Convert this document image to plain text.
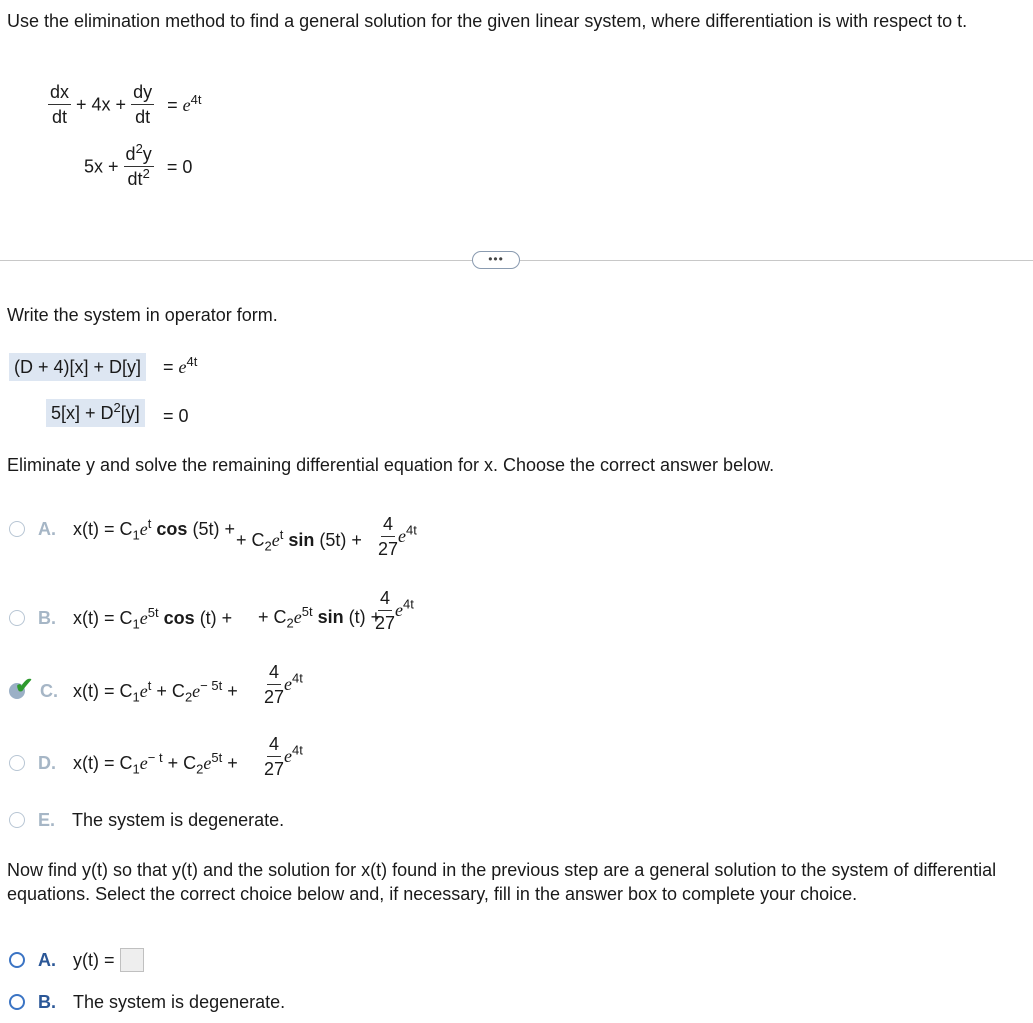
Use the elimination method to find a general solution for the given linear system, where differentiation is with respect to t.
$\frac{dx}{dt} + 4x + \frac{dy}{dt} = e^{4t}$
$5x + \frac{d^2y}{dt^2} = 0$
•••
Write the system in operator form.
$(D + 4)[x] + D[y] = e^{4t}$
$5[x] + D^2[y] = 0$
Eliminate y and solve the remaining differential equation for x. Choose the correct answer below.
A. $x(t) = C_1e^t$ cos (5t) +
+ $C_2e^t$ $\sin (5t) + \frac{4}{27} e^{4t}$
B. $x(t) = C_1e^{5t}$ cos (t) + + $C_2e^{5t}$ sin (t) +
$\frac{4}{27} e^{4t}$

✔ C. $x(t) = C_1e^t + C_2e^{- 5t} + \frac{4}{27} e^{4t}$
D. $x(t) = C_1e^{- t} + C_2e^{5t} + \frac{4}{27} e^{4t}$
E. The system is degenerate.
Now find y(t) so that y(t) and the solution for x(t) found in the previous step are a general solution to the system of differential equations. Select the correct choice below and, if necessary, fill in the answer box to complete your choice.
A. y(t) =
B. The system is degenerate.
